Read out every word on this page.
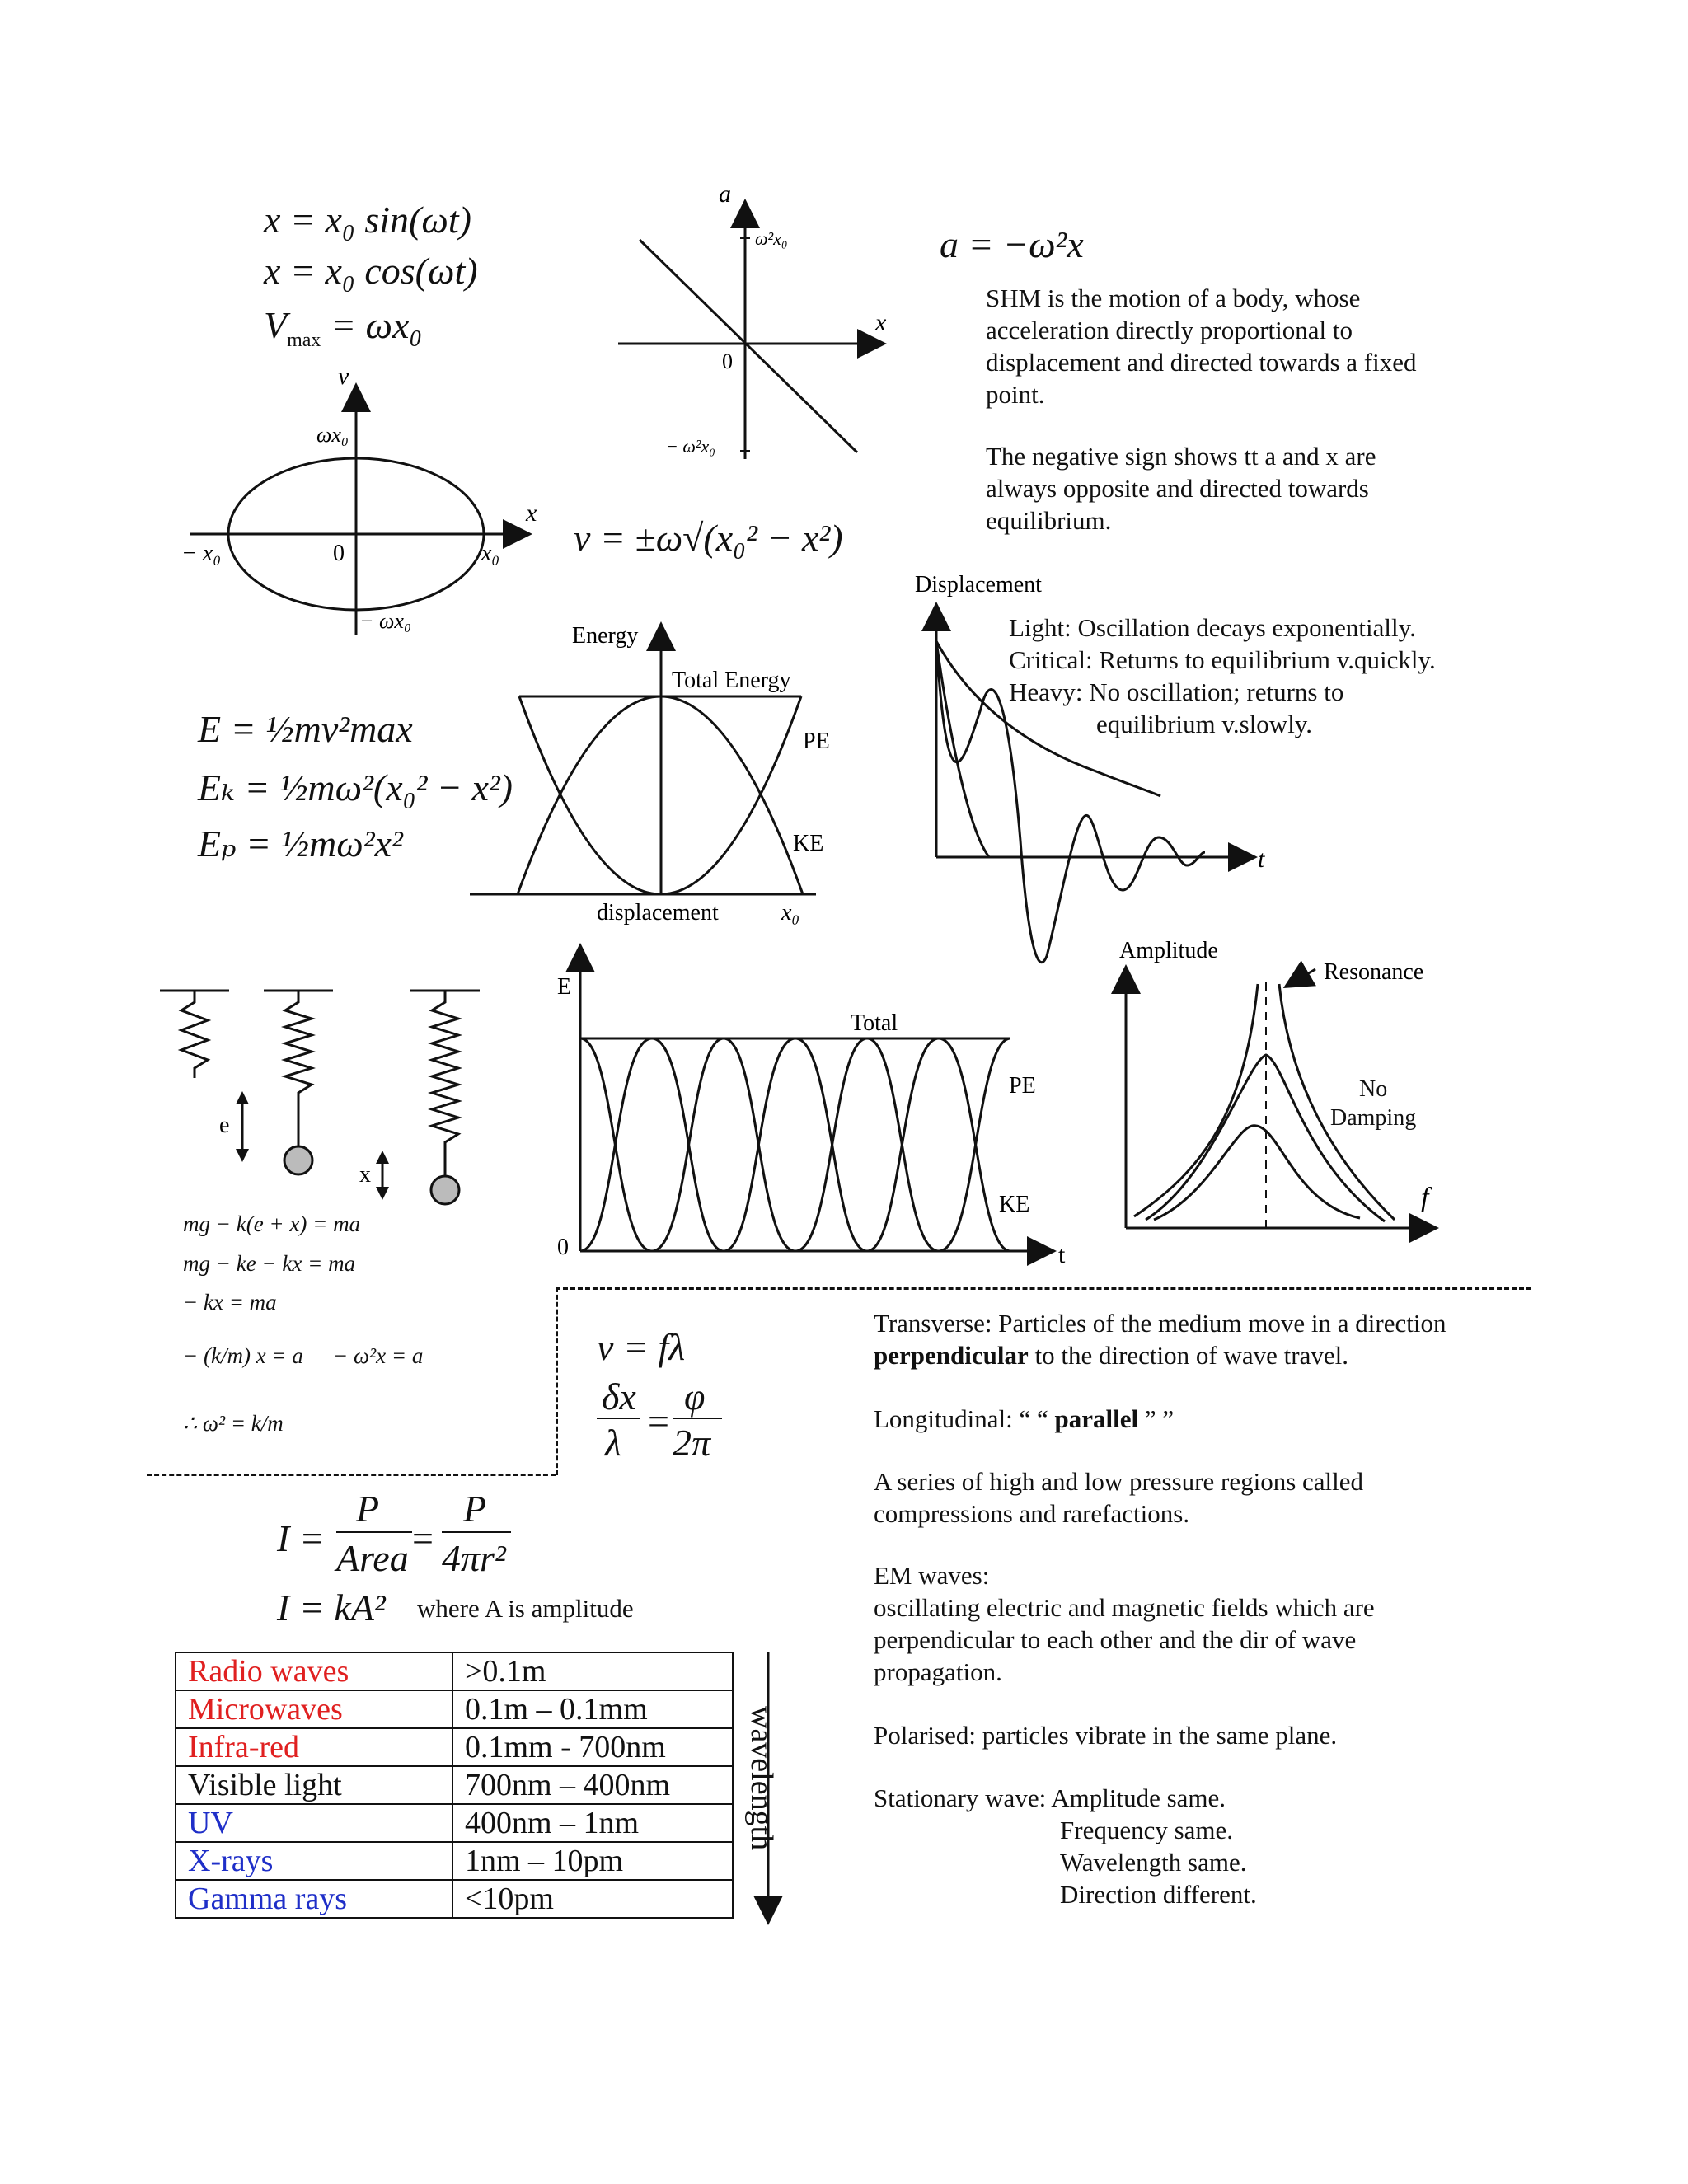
x = x₀ sin(ωt)
x = x₀ cos(ωt)
$V_{max} = \omega x_0$
v
x
ωx₀
− ωx₀
− x₀	x₀
0
a
x
ω²x₀
− ω²x₀
0
a = −ω²x
SHM is the motion of a body, whose
acceleration directly proportional to
displacement and directed towards a fixed
point.
The negative sign shows tt a and x are
always opposite and directed towards
equilibrium.
v = ±ω√(x₀² − x²)
E = ½mv²max
Eₖ = ½mω²(x₀² − x²)
Eₚ = ½mω²x²
Energy
Total Energy
PE
KE
displacement	x₀
Displacement
t
Light: Oscillation decays exponentially.
Critical: Returns to equilibrium v.quickly.
Heavy: No oscillation; returns to
equilibrium v.slowly.
e
x
mg − k(e + x) = ma
mg − ke − kx = ma
− kx = ma
− (k/m) x = a − ω²x = a
∴ ω² = k/m
E
0
Total
PE
KE
t
Amplitude
Resonance
f
No
Damping
v = fλ
δx
λ
=
φ
2π
I =
P
Area =
P
4πr²
I = kA² where A is amplitude
Radio waves	>0.1m
Microwaves	0.1m – 0.1mm
Infra-red	0.1mm - 700nm
Visible light	700nm – 400nm
UV	400nm – 1nm
X-rays	1nm – 10pm
Gamma rays	<10pm
wavelength
Transverse: Particles of the medium move in a direction
perpendicular to the direction of wave travel.
Longitudinal: “ “ parallel ” ”
A series of high and low pressure regions called
compressions and rarefactions.
EM waves:
oscillating electric and magnetic fields which are
perpendicular to each other and the dir of wave
propagation.
Polarised: particles vibrate in the same plane.
Stationary wave: Amplitude same.
Frequency same.
Wavelength same.
Direction different.
